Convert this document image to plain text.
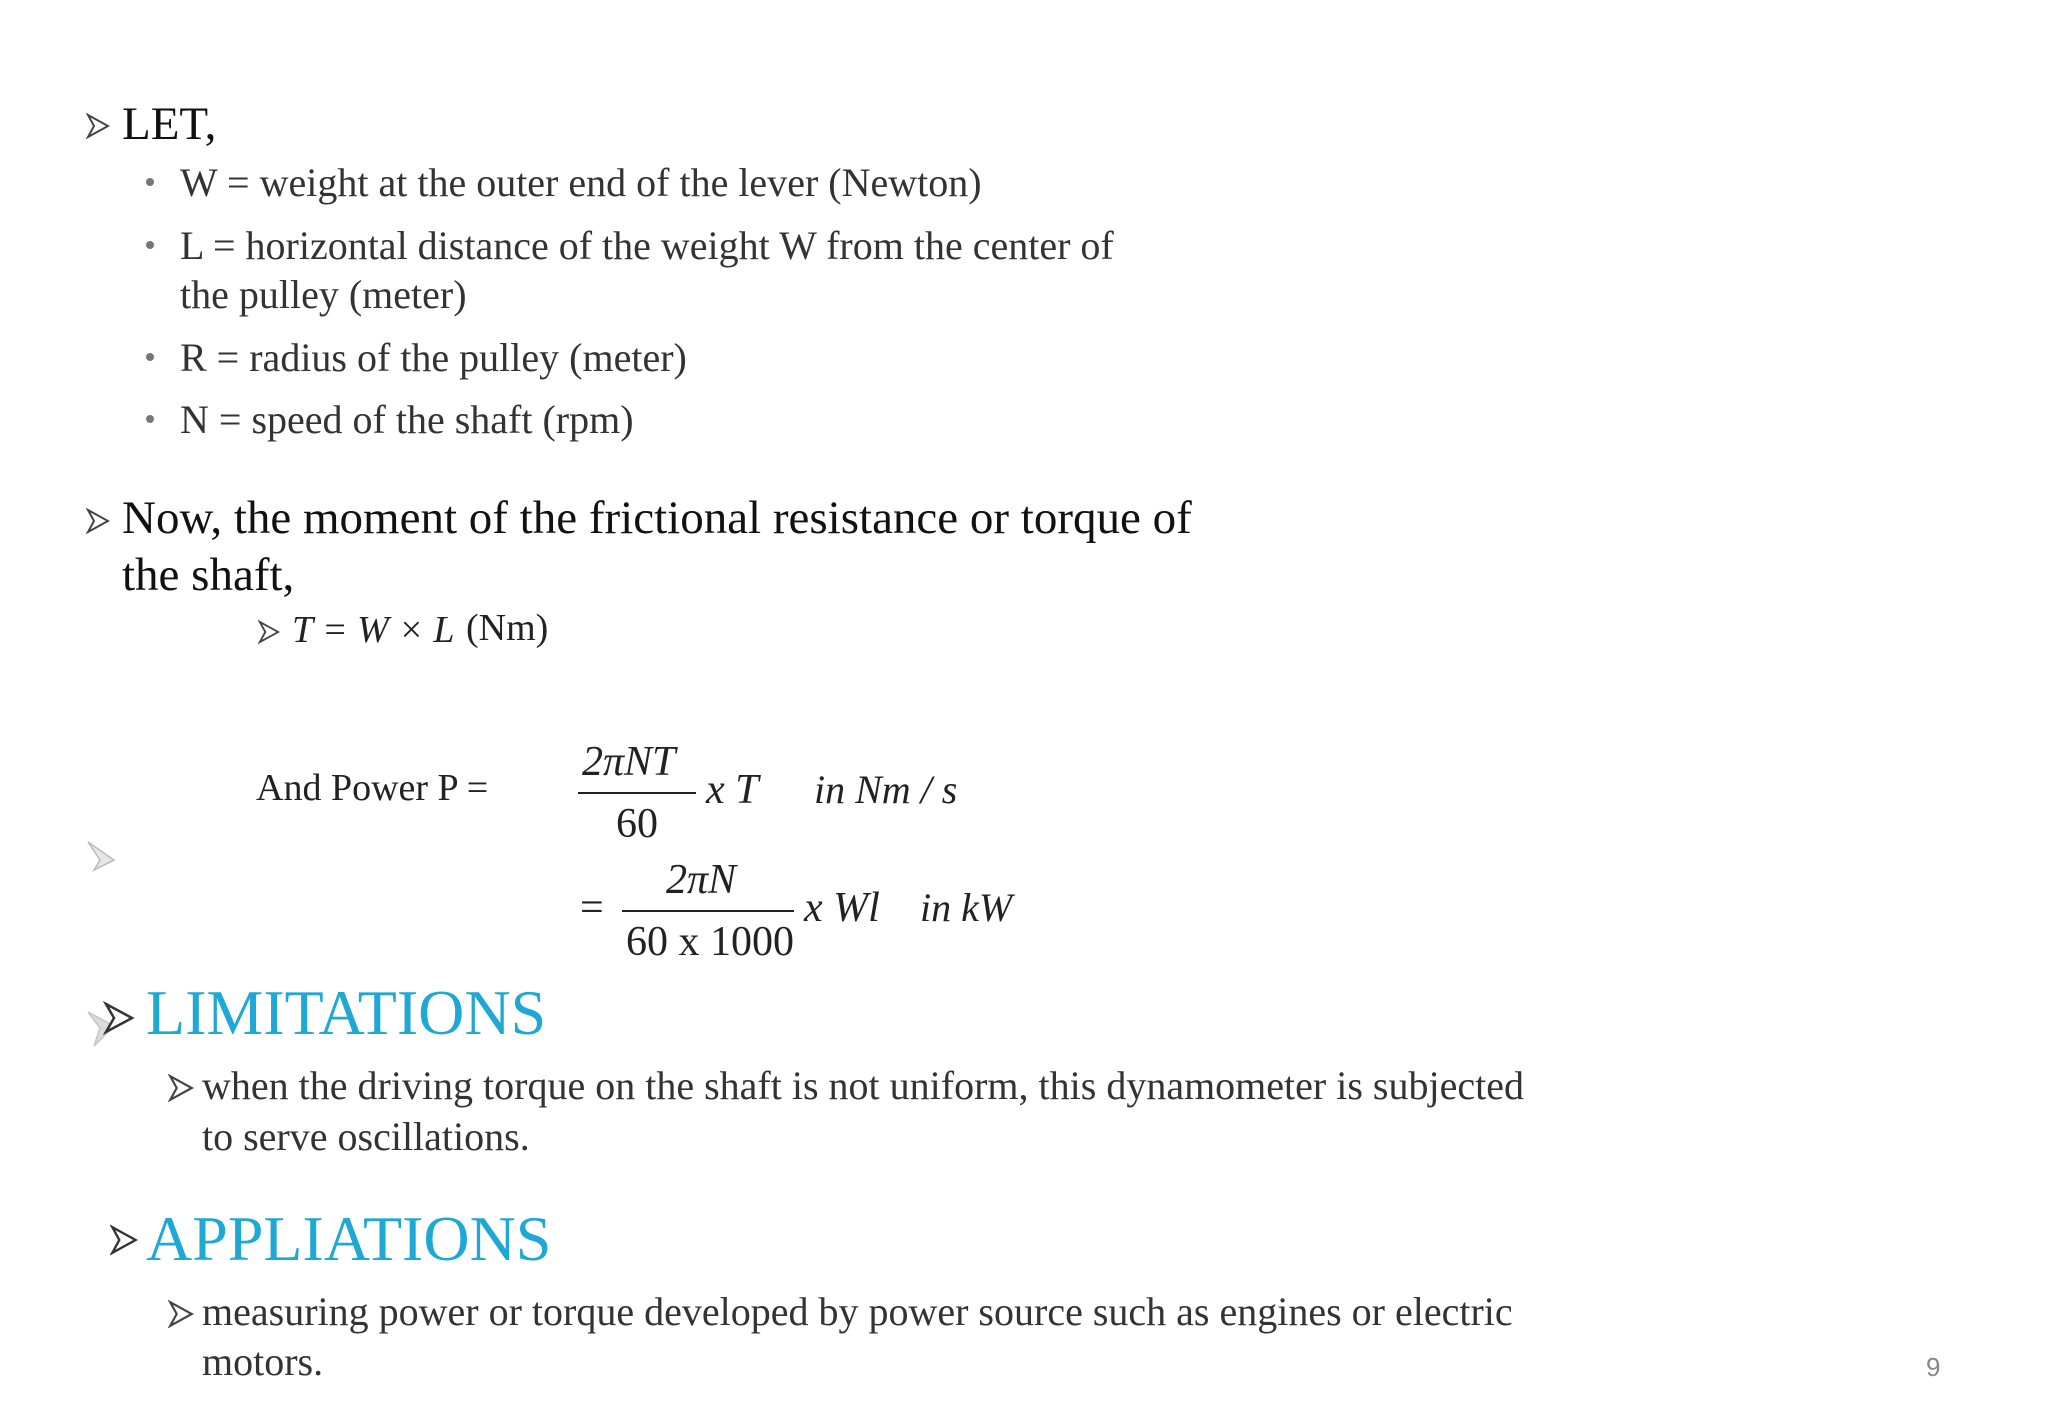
LET,
W = weight at the outer end of the lever (Newton)
L = horizontal distance of the weight W from the center of
the pulley (meter)
R = radius of the pulley (meter)
N = speed of the shaft (rpm)
Now, the moment of the frictional resistance or torque of
the shaft,
T = W × L (Nm)
And Power P =
2πNT
60
x T in Nm / s
=
2πN
60 x 1000
x Wl in kW
LIMITATIONS
when the driving torque on the shaft is not uniform, this dynamometer is subjected
to serve oscillations.
APPLIATIONS
measuring power or torque developed by power source such as engines or electric
motors.	9
